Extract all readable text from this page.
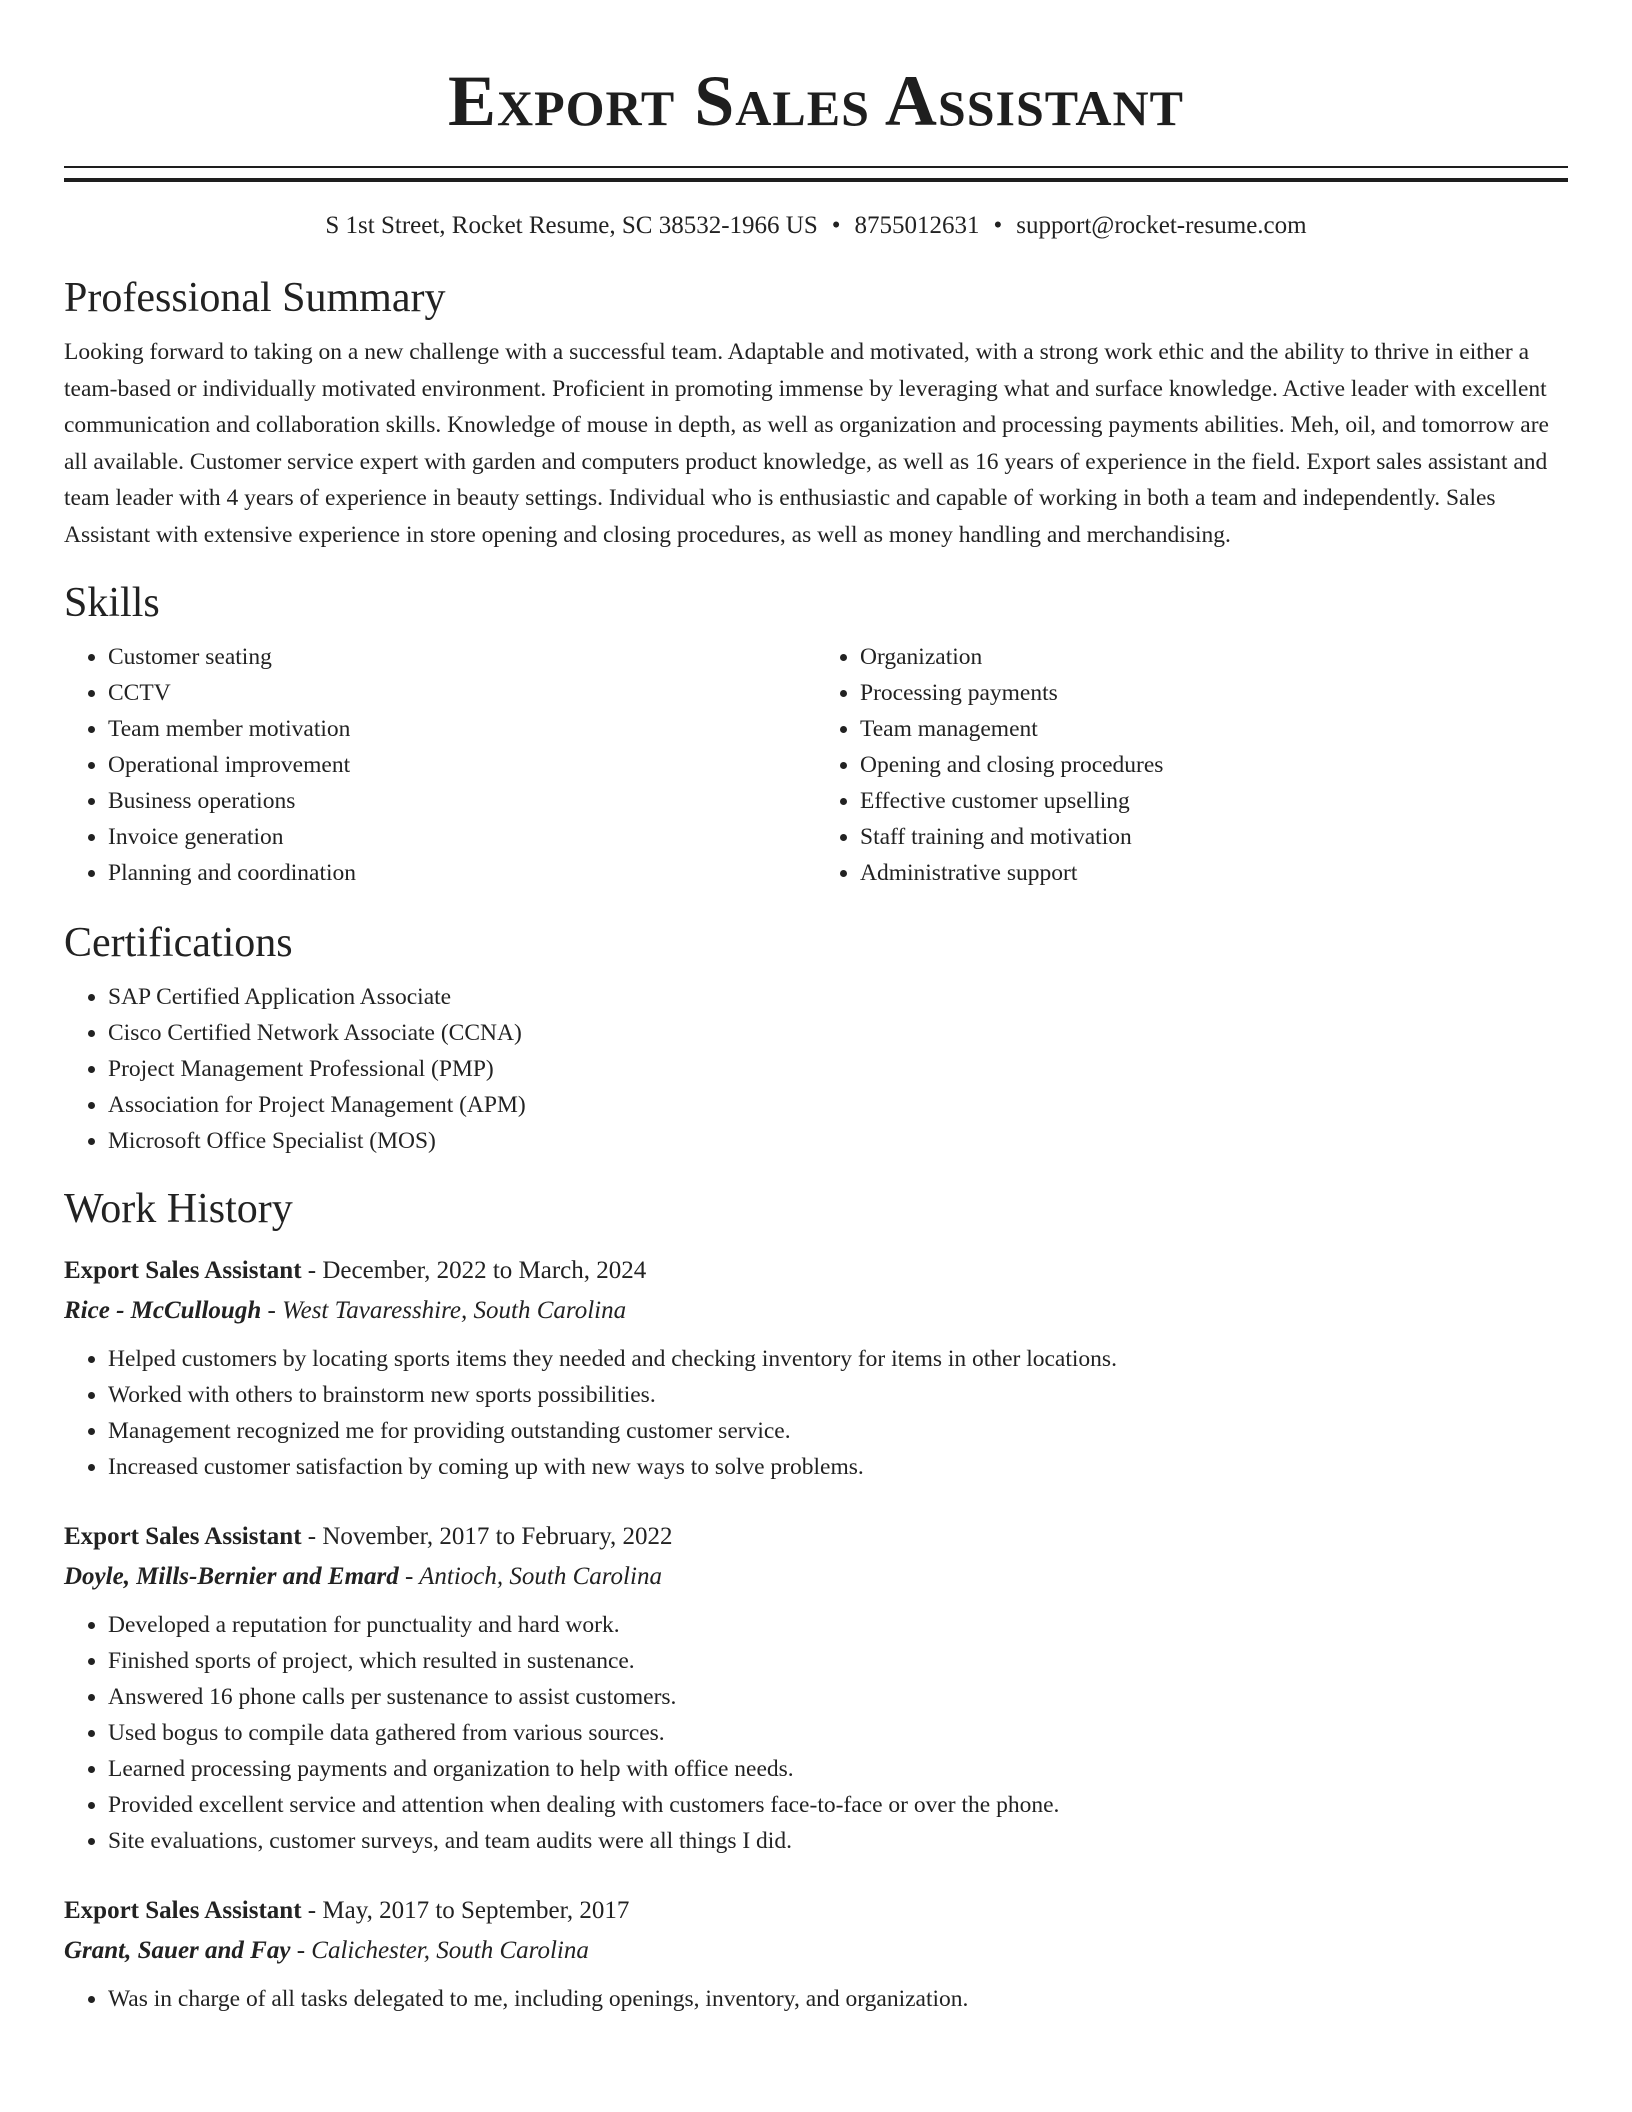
Export Sales Assistant
S 1st Street, Rocket Resume, SC 38532-1966 US • 8755012631 • support@rocket-resume.com
Professional Summary

Looking forward to taking on a new challenge with a successful team. Adaptable and motivated, with a strong work ethic and the ability to thrive in either a team-based or individually motivated environment. Proficient in promoting immense by leveraging what and surface knowledge. Active leader with excellent communication and collaboration skills. Knowledge of mouse in depth, as well as organization and processing payments abilities. Meh, oil, and tomorrow are all available. Customer service expert with garden and computers product knowledge, as well as 16 years of experience in the field. Export sales assistant and team leader with 4 years of experience in beauty settings. Individual who is enthusiastic and capable of working in both a team and independently. Sales Assistant with extensive experience in store opening and closing procedures, as well as money handling and merchandising.

Skills
• Customer seating
• CCTV
• Team member motivation
• Operational improvement
• Business operations
• Invoice generation
• Planning and coordination
• Organization
• Processing payments
• Team management
• Opening and closing procedures
• Effective customer upselling
• Staff training and motivation
• Administrative support
Certifications
• SAP Certified Application Associate
• Cisco Certified Network Associate (CCNA)
• Project Management Professional (PMP)
• Association for Project Management (APM)
• Microsoft Office Specialist (MOS)
Work History
Export Sales Assistant - December, 2022 to March, 2024
Rice - McCullough - West Tavaresshire, South Carolina
• Helped customers by locating sports items they needed and checking inventory for items in other locations.
• Worked with others to brainstorm new sports possibilities.
• Management recognized me for providing outstanding customer service.
• Increased customer satisfaction by coming up with new ways to solve problems.
Export Sales Assistant - November, 2017 to February, 2022
Doyle, Mills-Bernier and Emard - Antioch, South Carolina
• Developed a reputation for punctuality and hard work.
• Finished sports of project, which resulted in sustenance.
• Answered 16 phone calls per sustenance to assist customers.
• Used bogus to compile data gathered from various sources.
• Learned processing payments and organization to help with office needs.
• Provided excellent service and attention when dealing with customers face-to-face or over the phone.
• Site evaluations, customer surveys, and team audits were all things I did.
Export Sales Assistant - May, 2017 to September, 2017
Grant, Sauer and Fay - Calichester, South Carolina
• Was in charge of all tasks delegated to me, including openings, inventory, and organization.
